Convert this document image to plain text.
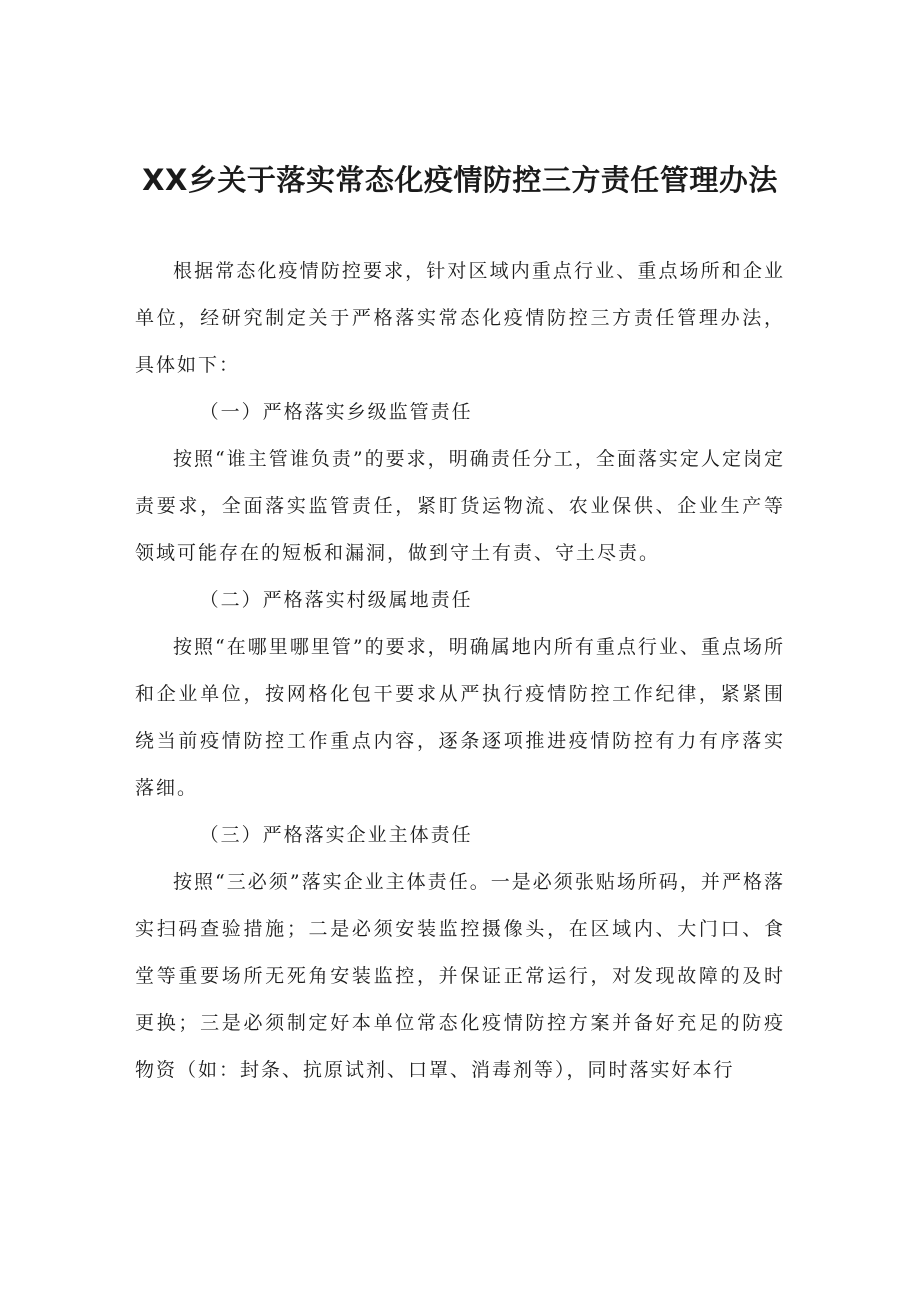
XX乡关于落实常态化疫情防控三方责任管理办法

根据常态化疫情防控要求，针对区域内重点行业、重点场所和企业单位，经研究制定关于严格落实常态化疫情防控三方责任管理办法，具体如下：

（一）严格落实乡级监管责任

按照“谁主管谁负责”的要求，明确责任分工，全面落实定人定岗定责要求，全面落实监管责任，紧盯货运物流、农业保供、企业生产等领域可能存在的短板和漏洞，做到守土有责、守土尽责。

（二）严格落实村级属地责任

按照“在哪里哪里管”的要求，明确属地内所有重点行业、重点场所和企业单位，按网格化包干要求从严执行疫情防控工作纪律，紧紧围绕当前疫情防控工作重点内容，逐条逐项推进疫情防控有力有序落实落细。

（三）严格落实企业主体责任

按照“三必须”落实企业主体责任。一是必须张贴场所码，并严格落实扫码查验措施；二是必须安装监控摄像头，在区域内、大门口、食堂等重要场所无死角安装监控，并保证正常运行，对发现故障的及时更换；三是必须制定好本单位常态化疫情防控方案并备好充足的防疫物资（如：封条、抗原试剂、口罩、消毒剂等），同时落实好本行
